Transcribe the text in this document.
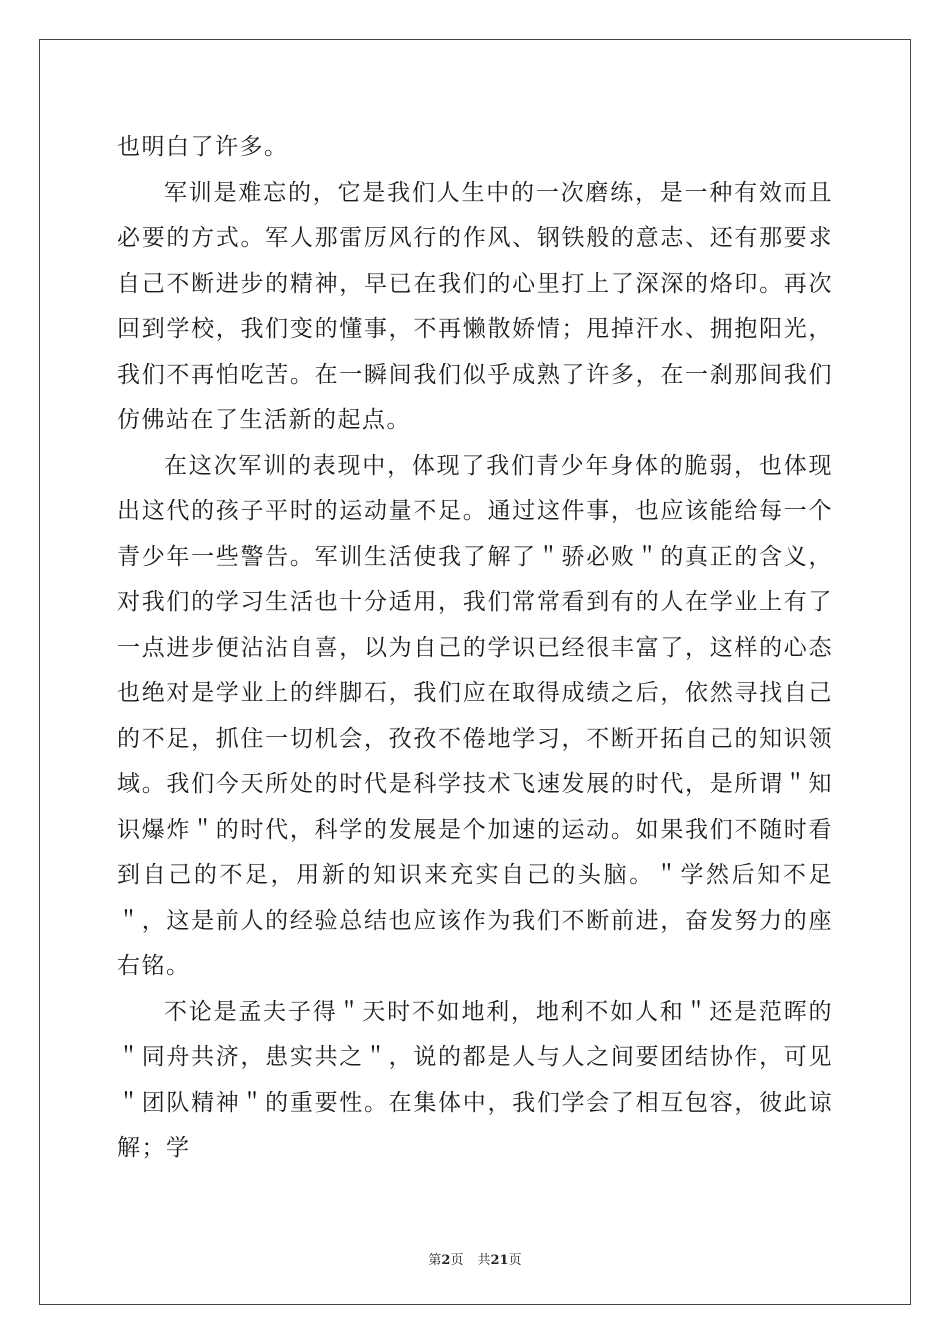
也明白了许多。

军训是难忘的，它是我们人生中的一次磨练，是一种有效而且必要的方式。军人那雷厉风行的作风、钢铁般的意志、还有那要求自己不断进步的精神，早已在我们的心里打上了深深的烙印。再次回到学校，我们变的懂事，不再懒散娇情；甩掉汗水、拥抱阳光，我们不再怕吃苦。在一瞬间我们似乎成熟了许多，在一刹那间我们仿佛站在了生活新的起点。

在这次军训的表现中，体现了我们青少年身体的脆弱，也体现出这代的孩子平时的运动量不足。通过这件事，也应该能给每一个青少年一些警告。军训生活使我了解了＂骄必败＂的真正的含义，对我们的学习生活也十分适用，我们常常看到有的人在学业上有了一点进步便沾沾自喜，以为自己的学识已经很丰富了，这样的心态也绝对是学业上的绊脚石，我们应在取得成绩之后，依然寻找自己的不足，抓住一切机会，孜孜不倦地学习，不断开拓自己的知识领域。我们今天所处的时代是科学技术飞速发展的时代，是所谓＂知识爆炸＂的时代，科学的发展是个加速的运动。如果我们不随时看到自己的不足，用新的知识来充实自己的头脑。＂学然后知不足＂，这是前人的经验总结也应该作为我们不断前进，奋发努力的座右铭。

不论是孟夫子得＂天时不如地利，地利不如人和＂还是范晖的＂同舟共济，患实共之＂，说的都是人与人之间要团结协作，可见＂团队精神＂的重要性。在集体中，我们学会了相互包容，彼此谅解；学

第2页 共21页
